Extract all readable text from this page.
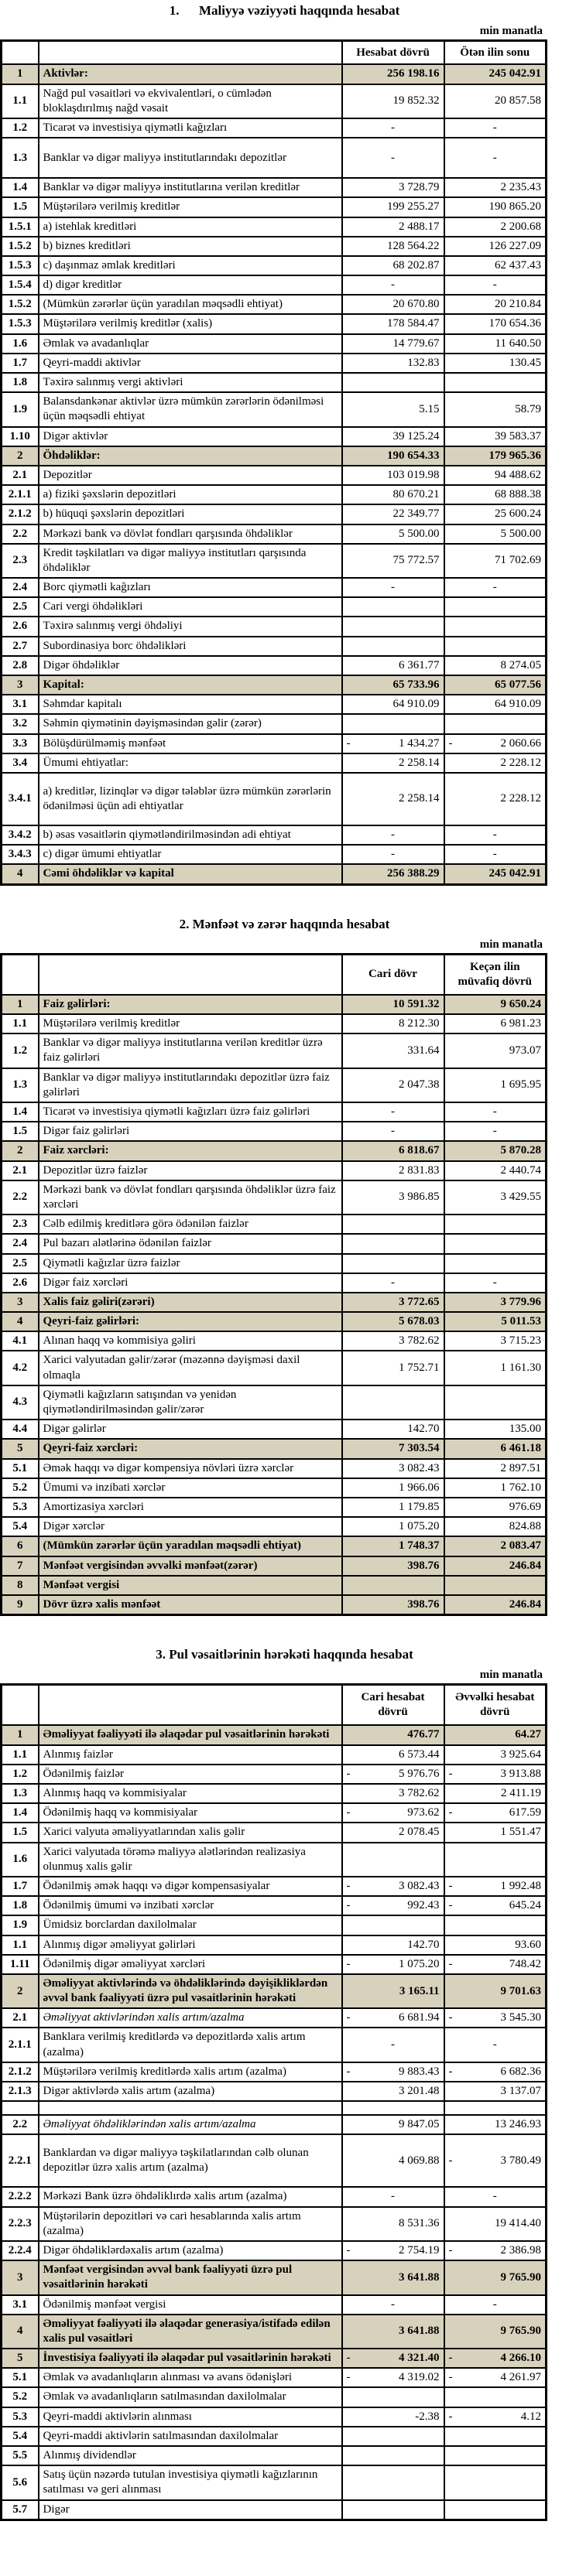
1.      Maliyyə vəziyyəti haqqında hesabat
min manatla
		Hesabat dövrü	Ötən ilin sonu
1	Aktivlər:	256 198.16	245 042.91
1.1	Nağd pul vəsaitləri və ekvivalentləri, o cümlədən bloklaşdırılmış nağd vəsait	19 852.32	20 857.58
1.2	Ticarət və investisiya qiymətli kağızları	-	-
1.3	Banklar və digər maliyyə institutlarındakı depozitlər	-	-
1.4	Banklar və digər maliyyə institutlarına verilən kreditlər	3 728.79	2 235.43
1.5	Müştərilərə verilmiş kreditlər	199 255.27	190 865.20
1.5.1	a) istehlak kreditləri	2 488.17	2 200.68
1.5.2	b) biznes kreditləri	128 564.22	126 227.09
1.5.3	c) daşınmaz əmlak kreditləri	68 202.87	62 437.43
1.5.4	d) digər kreditlər	-	-
1.5.2	(Mümkün zərərlər üçün yaradılan məqsədli ehtiyat)	20 670.80	20 210.84
1.5.3	Müştərilərə verilmiş kreditlər (xalis)	178 584.47	170 654.36
1.6	Əmlak və avadanlıqlar	14 779.67	11 640.50
1.7	Qeyri-maddi aktivlər	132.83	130.45
1.8	Təxirə salınmış vergi aktivləri		
1.9	Balansdankənar aktivlər üzrə mümkün zərərlərin ödənilməsi üçün məqsədli ehtiyat	5.15	58.79
1.10	Digər aktivlər	39 125.24	39 583.37
2	Öhdəliklər:	190 654.33	179 965.36
2.1	Depozitlər	103 019.98	94 488.62
2.1.1	a) fiziki şəxslərin depozitləri	80 670.21	68 888.38
2.1.2	b) hüquqi şəxslərin depozitləri	22 349.77	25 600.24
2.2	Mərkəzi bank və dövlət fondları qarşısında öhdəliklər	5 500.00	5 500.00
2.3	Kredit təşkilatları və digər maliyyə institutları qarşısında öhdəliklər	75 772.57	71 702.69
2.4	Borc qiymətli kağızları	-	-
2.5	Cari vergi öhdəlikləri		
2.6	Təxirə salınmış vergi öhdəliyi		
2.7	Subordinasiya borc öhdəlikləri		
2.8	Digər öhdəliklər	6 361.77	8 274.05
3	Kapital:	65 733.96	65 077.56
3.1	Səhmdar kapitalı	64 910.09	64 910.09
3.2	Səhmin qiymətinin dəyişməsindən gəlir (zərər)		
3.3	Bölüşdürülməmiş mənfəət	- 1 434.27	- 2 060.66

3.4	Ümumi ehtiyatlar:	2 258.14	2 228.12
3.4.1	a) kreditlər, lizinqlər və digər tələblər üzrə mümkün zərərlərin ödənilməsi üçün adi ehtiyatlar	2 258.14	2 228.12
3.4.2	b) əsas vəsaitlərin qiymətləndirilməsindən adi ehtiyat	-	-
3.4.3	c) digər ümumi ehtiyatlar	-	-
4	Cəmi öhdəliklər və kapital	256 388.29	245 042.91
2. Mənfəət və zərər haqqında hesabat
min manatla
		Cari dövr	Keçən ilin müvafiq dövrü
1	Faiz gəlirləri:	10 591.32	9 650.24
1.1	Müştərilərə verilmiş kreditlər	8 212.30	6 981.23
1.2	Banklar və digər maliyyə institutlarına verilən kreditlər üzrə faiz gəlirləri	331.64	973.07
1.3	Banklar və digər maliyyə institutlarındakı depozitlər üzrə faiz gəlirləri	2 047.38	1 695.95
1.4	Ticarət və investisiya qiymətli kağızları üzrə faiz gəlirləri	-	-
1.5	Digər faiz gəlirləri	-	-
2	Faiz xərcləri:	6 818.67	5 870.28
2.1	Depozitlər üzrə faizlər	2 831.83	2 440.74
2.2	Mərkəzi bank və dövlət fondları qarşısında öhdəliklər üzrə faiz xərcləri	3 986.85	3 429.55
2.3	Cəlb edilmiş kreditlərə görə ödənilən faizlər		
2.4	Pul bazarı alətlərinə ödənilən faizlər		
2.5	Qiymətli kağızlar üzrə faizlər		
2.6	Digər faiz xərcləri	-	-
3	Xalis faiz gəliri(zərəri)	3 772.65	3 779.96
4	Qeyri-faiz gəlirləri:	5 678.03	5 011.53
4.1	Alınan haqq və kommisiya gəliri	3 782.62	3 715.23
4.2	Xarici valyutadan gəlir/zərər (məzənnə dəyişməsi daxil olmaqla	1 752.71	1 161.30
4.3	Qiymətli kağızların satışından və yenidən qiymətləndirilməsindən gəlir/zərər		
4.4	Digər gəlirlər	142.70	135.00
5	Qeyri-faiz xərcləri:	7 303.54	6 461.18
5.1	Əmək haqqı və digər kompensiya növləri üzrə xərclər	3 082.43	2 897.51
5.2	Ümumi və inzibati xərclər	1 966.06	1 762.10
5.3	Amortizasiya xərcləri	1 179.85	976.69
5.4	Digər xərclər	1 075.20	824.88
6	(Mümkün zərərlər üçün yaradılan məqsədli ehtiyat)	1 748.37	2 083.47
7	Mənfəət vergisindən əvvəlki mənfəət(zərər)	398.76	246.84
8	Mənfəət vergisi		
9	Dövr üzrə xalis mənfəət	398.76	246.84
3. Pul vəsaitlərinin hərəkəti haqqında hesabat
min manatla
		Cari hesabat dövrü	Əvvəlki hesabat dövrü
1	Əməliyyat fəaliyyəti ilə əlaqədar pul vəsaitlərinin hərəkəti	476.77	64.27
1.1	Alınmış faizlər	6 573.44	3 925.64
1.2	Ödənilmiş faizlər	- 5 976.76	- 3 913.88

1.3	Alınmış haqq və kommisiyalar	3 782.62	2 411.19
1.4	Ödənilmiş haqq və kommisiyalar	- 973.62	- 617.59

1.5	Xarici valyuta əməliyyatlarından xalis gəlir	2 078.45	1 551.47
1.6	Xarici valyutada törəmə maliyyə alətlərindən realizasiya olunmuş xalis gəlir		
1.7	Ödənilmiş əmək haqqı və digər kompensasiyalar	- 3 082.43	- 1 992.48

1.8	Ödənilmiş ümumi və inzibati xərclər	- 992.43	- 645.24

1.9	Ümidsiz borclardan daxilolmalar		
1.1	Alınmış digər əməliyyat gəlirləri	142.70	93.60
1.11	Ödənilmiş digər əməliyyat xərcləri	- 1 075.20	- 748.42

2	Əməliyyat aktivlərində və öhdəliklərində dəyişikliklərdən əvvəl bank fəaliyyəti üzrə pul vəsaitlərinin hərəkəti	3 165.11	9 701.63
2.1	Əməliyyat aktivlərindən xalis artım/azalma	- 6 681.94	- 3 545.30

2.1.1	Banklara verilmiş kreditlərdə və depozitlərdə xalis artım (azalma)	-	-
2.1.2	Müştərilərə verilmiş kreditlərdə xalis artım (azalma)	- 9 883.43	- 6 682.36

2.1.3	Digər aktivlərdə xalis artım (azalma)	3 201.48	3 137.07

2.2	Əməliyyat öhdəliklərindən xalis artım/azalma	9 847.05	13 246.93
2.2.1	Banklardan və digər maliyyə təşkilatlarından cəlb olunan depozitlər üzrə xalis artım (azalma)	4 069.88	- 3 780.49

2.2.2	Mərkəzi Bank üzrə öhdəliklırdə xalis artım (azalma)	-	-
2.2.3	Müştərilərin depozitləri və cari hesablarında xalis artım (azalma)	8 531.36	19 414.40
2.2.4	Digər öhdəliklərdəxalis artım (azalma)	- 2 754.19	- 2 386.98

3	Mənfəət vergisindən əvvəl bank fəaliyyəti üzrə pul vəsaitlərinin hərəkəti	3 641.88	9 765.90
3.1	Ödənilmiş mənfəət vergisi	-	-
4	Əməliyyat fəaliyyəti ilə əlaqədar generasiya/istifadə edilən xalis pul vəsaitləri	3 641.88	9 765.90
5	İnvestisiya fəaliyyəti ilə əlaqədar pul vəsaitlərinin hərəkəti	- 4 321.40	- 4 266.10

5.1	Əmlak və avadanlıqların alınması və avans ödənişləri	- 4 319.02	- 4 261.97

5.2	Əmlak və avadanlıqların satılmasından daxilolmalar		
5.3	Qeyri-maddi aktivlərin alınması	-2.38	- 4.12

5.4	Qeyri-maddi aktivlərin satılmasından daxilolmalar		
5.5	Alınmış dividendlər		
5.6	Satış üçün nəzərdə tutulan investisiya qiymətli kağızlarının satılması və geri alınması		
5.7	Digər		
